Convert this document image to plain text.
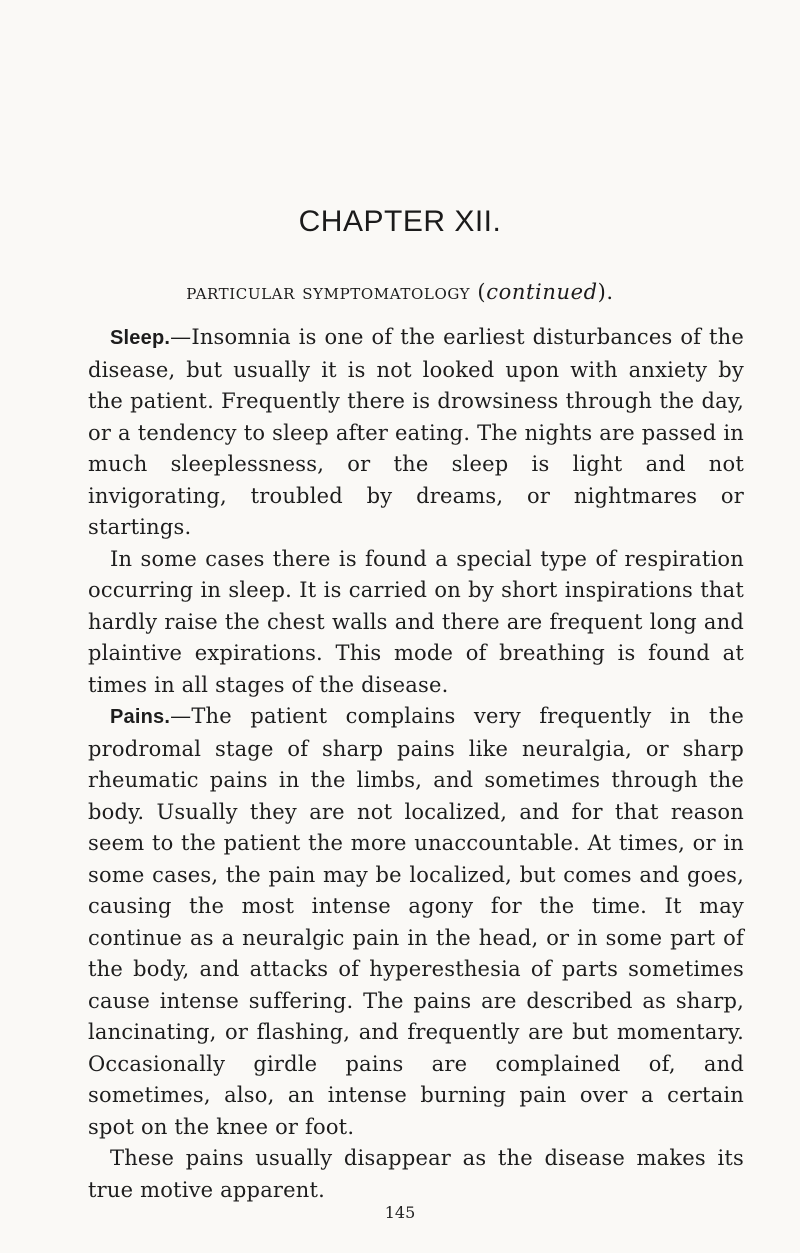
CHAPTER XII.
particular symptomatology (continued).

Sleep.—Insomnia is one of the earliest disturbances of the disease, but usually it is not looked upon with anxiety by the patient. Frequently there is drowsiness through the day, or a tendency to sleep after eating. The nights are passed in much sleeplessness, or the sleep is light and not invigorating, troubled by dreams, or nightmares or startings.

In some cases there is found a special type of respiration occurring in sleep. It is carried on by short inspirations that hardly raise the chest walls and there are frequent long and plaintive expirations. This mode of breathing is found at times in all stages of the disease.

Pains.—The patient complains very frequently in the prodromal stage of sharp pains like neuralgia, or sharp rheumatic pains in the limbs, and sometimes through the body. Usually they are not localized, and for that reason seem to the patient the more unaccountable. At times, or in some cases, the pain may be localized, but comes and goes, causing the most intense agony for the time. It may continue as a neuralgic pain in the head, or in some part of the body, and attacks of hyperesthesia of parts sometimes cause intense suffering. The pains are described as sharp, lancinating, or flashing, and frequently are but momentary. Occasionally girdle pains are complained of, and sometimes, also, an intense burning pain over a certain spot on the knee or foot.

These pains usually disappear as the disease makes its true motive apparent.

145
